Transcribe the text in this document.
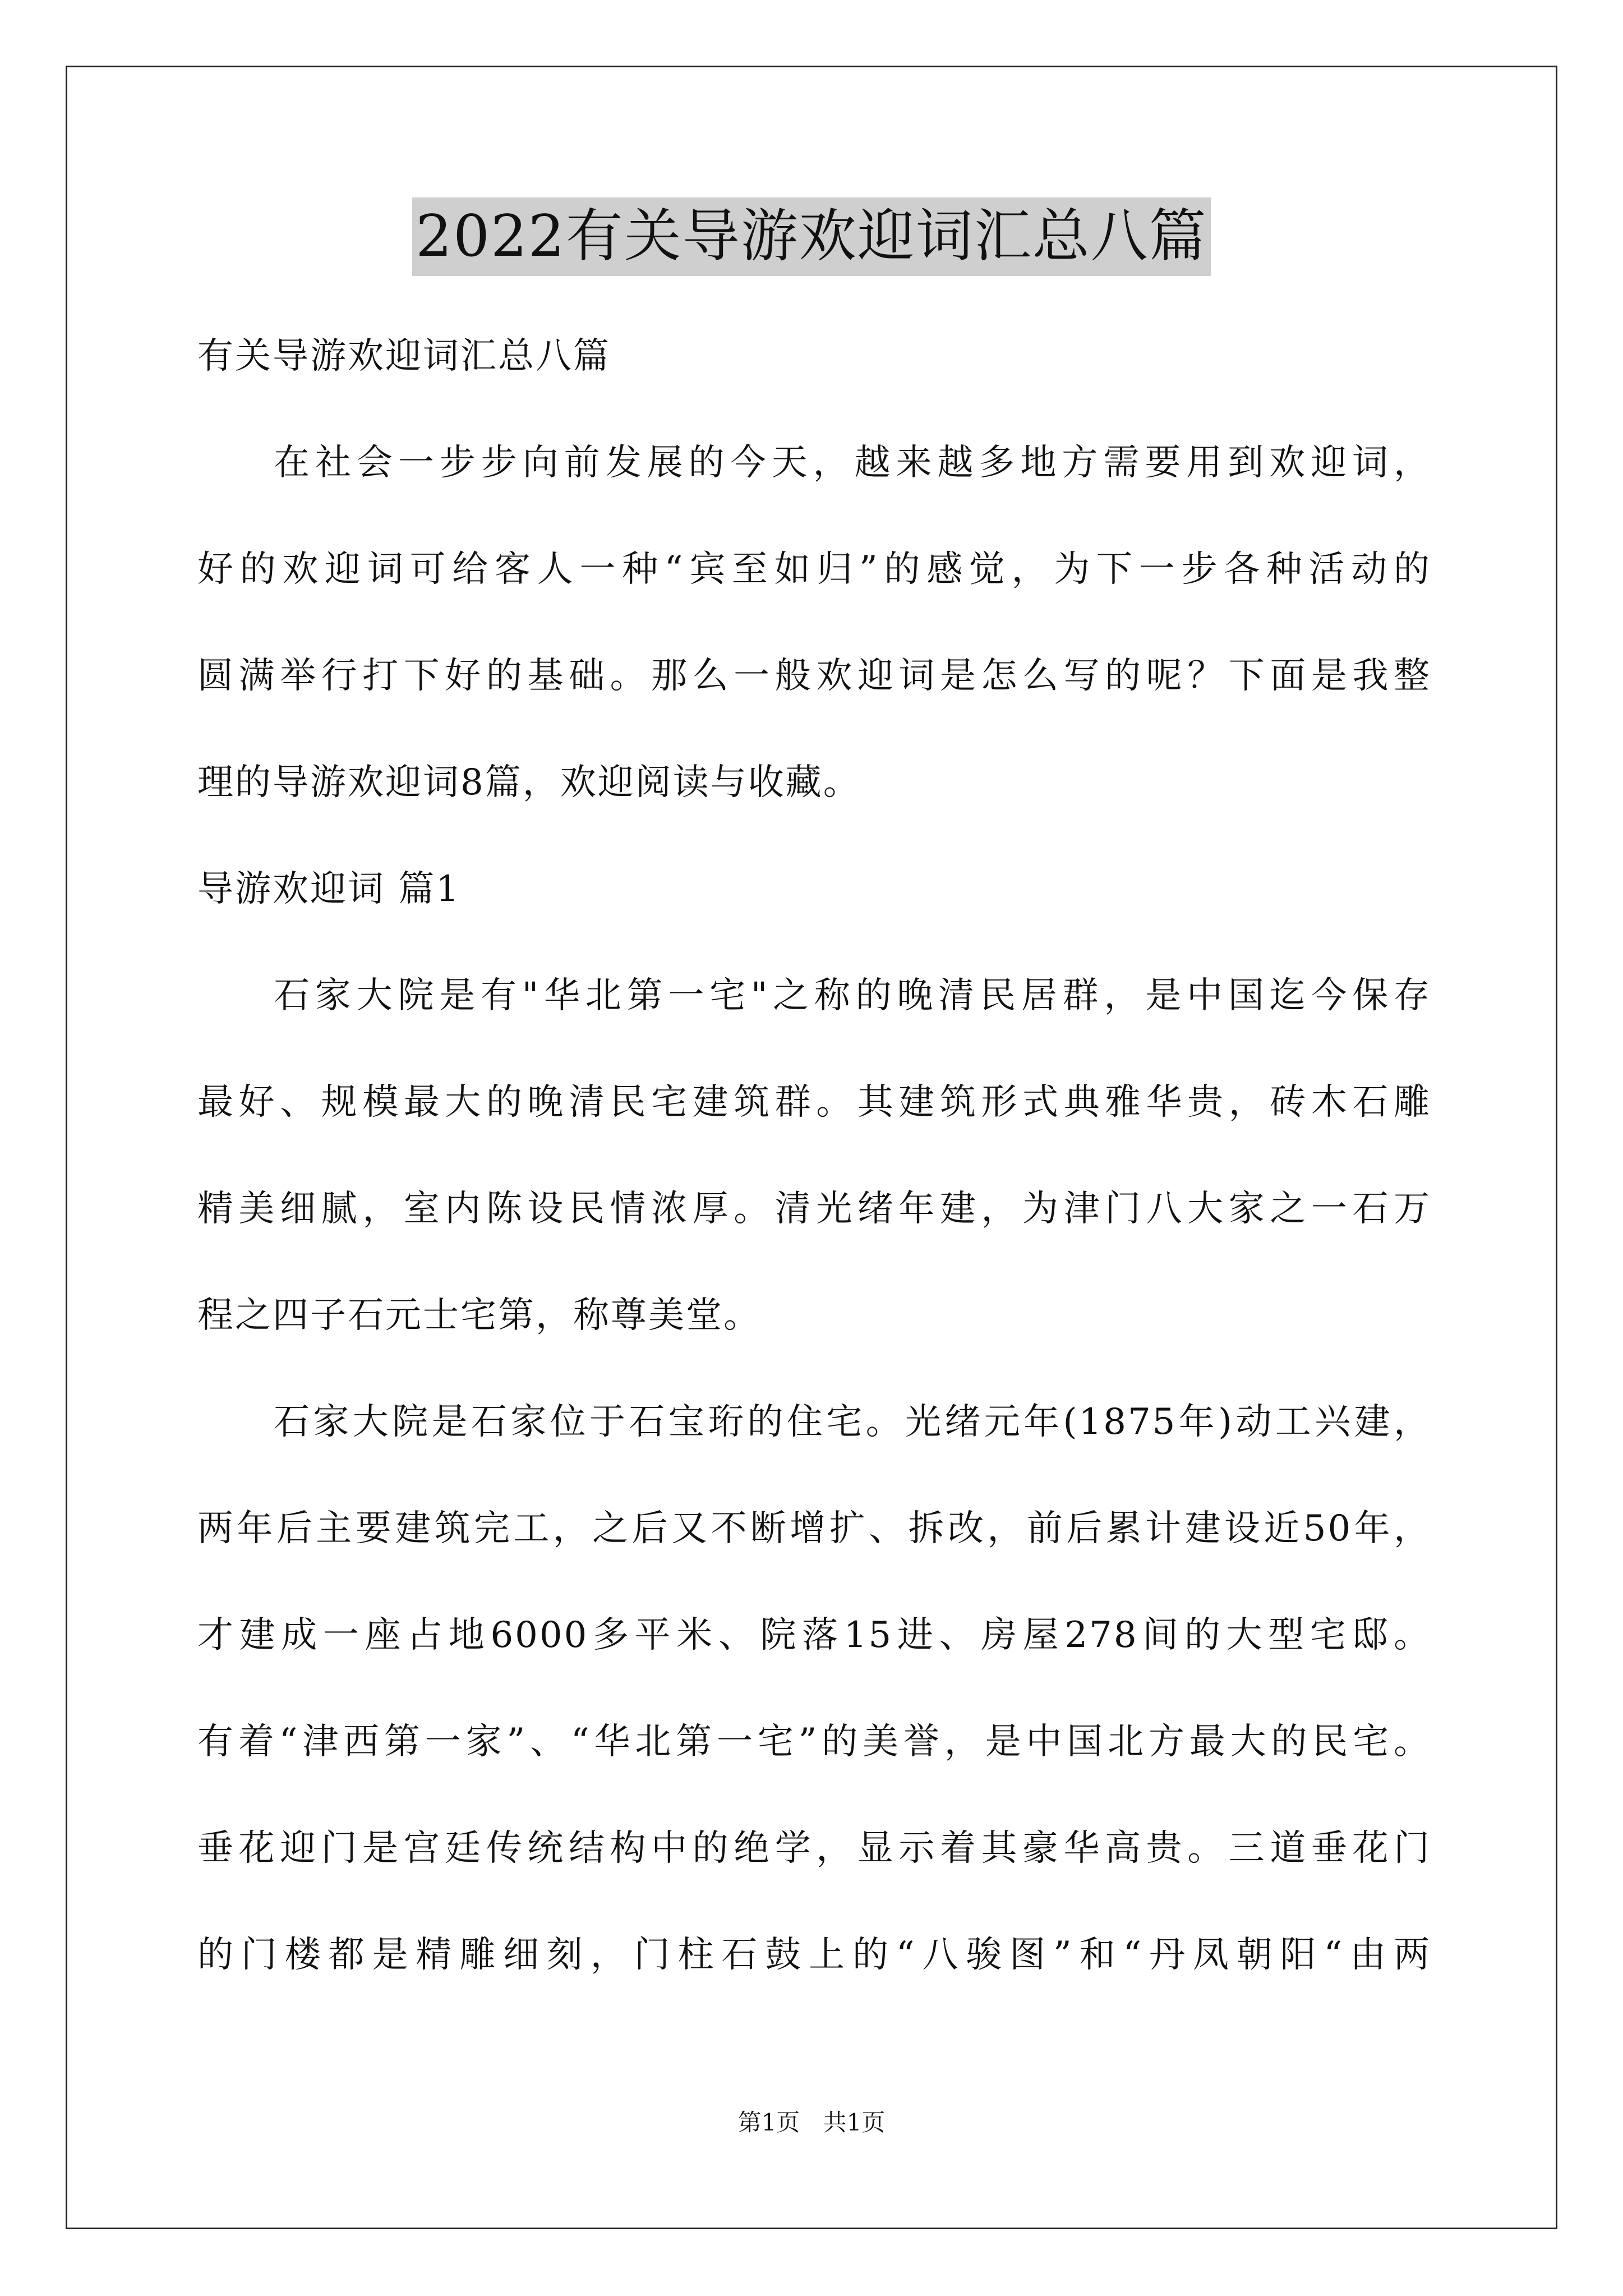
2022有关导游欢迎词汇总八篇
有关导游欢迎词汇总八篇
在社会一步步向前发展的今天，越来越多地方需要用到欢迎词，
好的欢迎词可给客人一种“宾至如归”的感觉，为下一步各种活动的
圆满举行打下好的基础。那么一般欢迎词是怎么写的呢？下面是我整
理的导游欢迎词8篇，欢迎阅读与收藏。
导游欢迎词 篇1
石家大院是有"华北第一宅"之称的晚清民居群，是中国迄今保存
最好、规模最大的晚清民宅建筑群。其建筑形式典雅华贵，砖木石雕
精美细腻，室内陈设民情浓厚。清光绪年建，为津门八大家之一石万
程之四子石元士宅第，称尊美堂。
石家大院是石家位于石宝珩的住宅。光绪元年(1875年)动工兴建，
两年后主要建筑完工，之后又不断增扩、拆改，前后累计建设近50年，
才建成一座占地6000多平米、院落15进、房屋278间的大型宅邸。
有着“津西第一家”、“华北第一宅”的美誉，是中国北方最大的民宅。
垂花迎门是宫廷传统结构中的绝学，显示着其豪华高贵。三道垂花门
的门楼都是精雕细刻，门柱石鼓上的“八骏图”和“丹凤朝阳“由两
第1页 共1页
